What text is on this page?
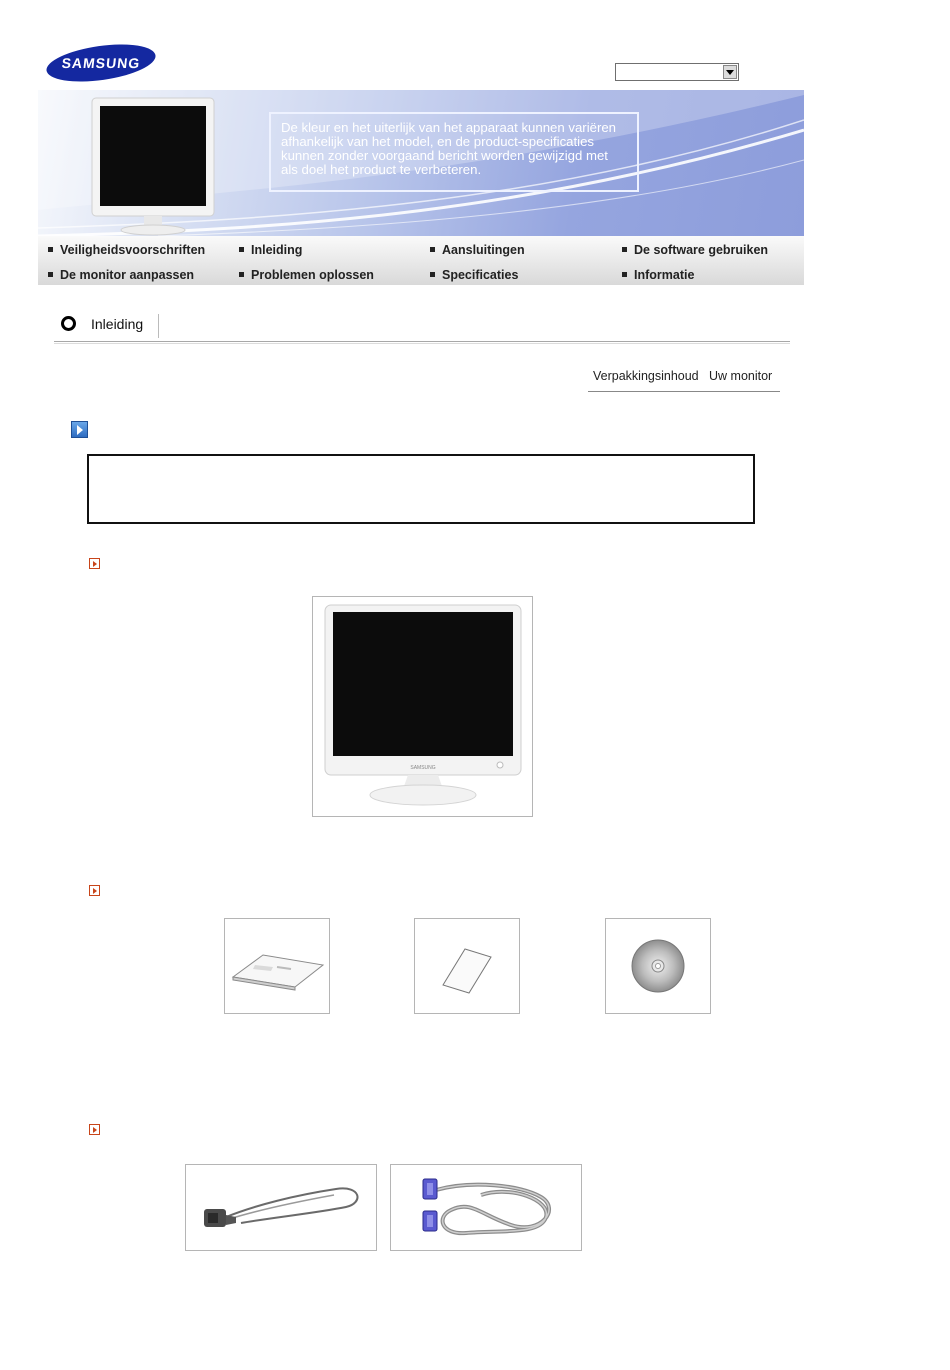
SAMSUNG
De kleur en het uiterlijk van het apparaat kunnen variëren afhankelijk van het model, en de product-specificaties kunnen zonder voorgaand bericht worden gewijzigd met als doel het product te verbeteren.
Veiligheidsvoorschriften	Inleiding	Aansluitingen	De software gebruiken
De monitor aanpassen	Problemen oplossen	Specificaties	Informatie
Inleiding
Verpakkingsinhoud Uw monitor
SAMSUNG
